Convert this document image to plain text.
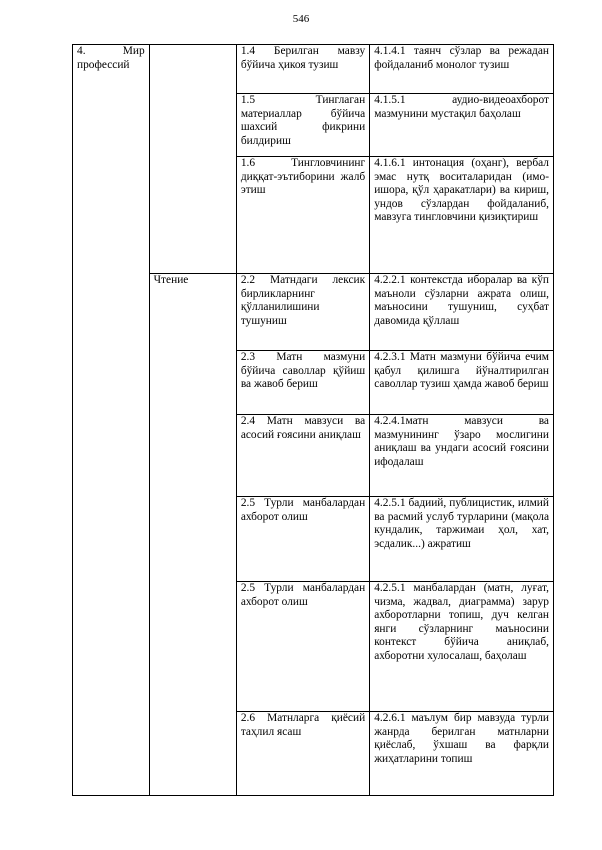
546
4. Мир профессий		1.4 Берилган мавзу бўйича ҳикоя тузиш	4.1.4.1 таянч сўзлар ва режадан фойдаланиб монолог тузиш
		1.5 Тинглаган материаллар бўйича шахсий фикрини билдириш	4.1.5.1 аудио-видеоахборот мазмунини мустақил баҳолаш
		1.6 Тингловчининг диққат-эътиборини жалб этиш	4.1.6.1 интонация (оҳанг), вербал эмас нутқ воситаларидан (имо-ишора, қўл ҳаракатлари) ва кириш, ундов сўзлардан фойдаланиб, мавзуга тингловчини қизиқтириш
	Чтение	2.2 Матндаги лексик бирликларнинг қўлланилишини тушуниш	4.2.2.1 контекстда иборалар ва кўп маъноли сўзларни ажрата олиш, маъносини тушуниш, суҳбат давомида қўллаш
		2.3 Матн мазмуни бўйича саволлар қўйиш ва жавоб бериш	4.2.3.1 Матн мазмуни бўйича ечим қабул қилишга йўналтирилган саволлар тузиш ҳамда жавоб бериш
		2.4 Матн мавзуси ва асосий ғоясини аниқлаш	4.2.4.1матн мавзуси ва мазмунининг ўзаро мослигини аниқлаш ва ундаги асосий ғоясини ифодалаш
		2.5 Турли манбалардан ахборот олиш	4.2.5.1 бадиий, публицистик, илмий ва расмий услуб турларини (мақола кундалик, таржимаи ҳол, хат, эсдалик...) ажратиш
		2.5 Турли манбалардан ахборот олиш	4.2.5.1 манбалардан (матн, луғат, чизма, жадвал, диаграмма) зарур ахборотларни топиш, дуч келган янги сўзларнинг маъносини контекст бўйича аниқлаб, ахборотни хулосалаш, баҳолаш
		2.6 Матнларга қиёсий таҳлил ясаш	4.2.6.1 маълум бир мавзуда турли жанрда берилган матнларни қиёслаб, ўхшаш ва фарқли жиҳатларини топиш
